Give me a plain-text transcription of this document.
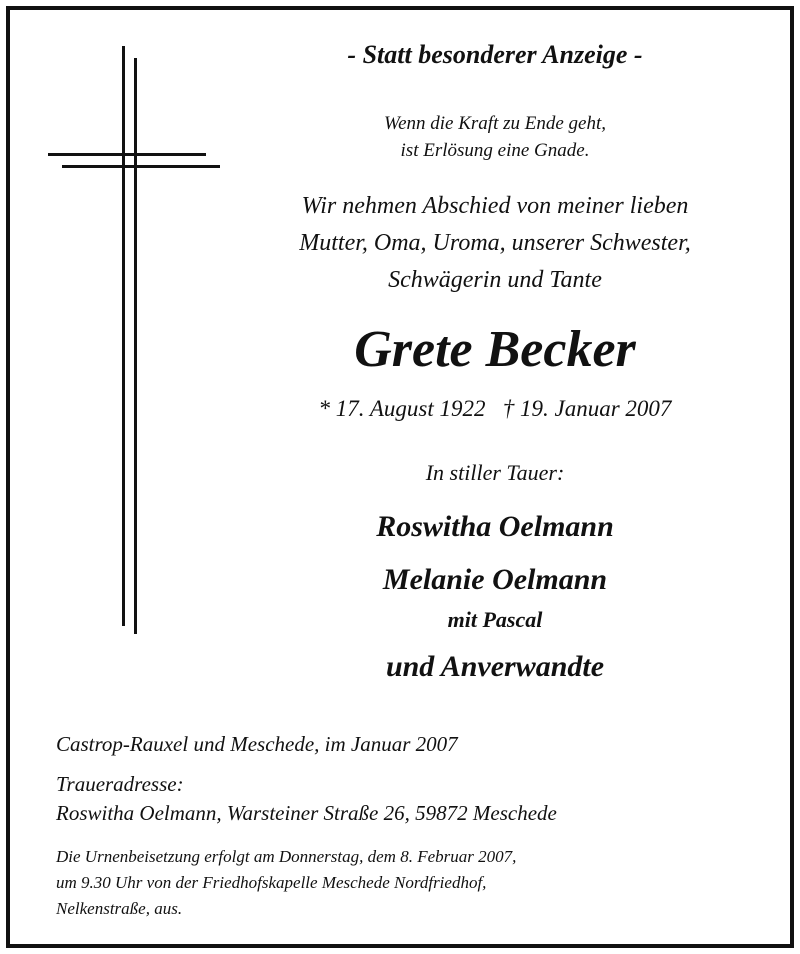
- Statt besonderer Anzeige -
Wenn die Kraft zu Ende geht,
ist Erlösung eine Gnade.
Wir nehmen Abschied von meiner lieben
Mutter, Oma, Uroma, unserer Schwester,
Schwägerin und Tante
Grete Becker
* 17. August 1922   † 19. Januar 2007
In stiller Tauer:
Roswitha Oelmann
Melanie Oelmann
mit Pascal
und Anverwandte
Castrop-Rauxel und Meschede, im Januar 2007
Traueradresse:
Roswitha Oelmann, Warsteiner Straße 26, 59872 Meschede
Die Urnenbeisetzung erfolgt am Donnerstag, dem 8. Februar 2007,
um 9.30 Uhr von der Friedhofskapelle Meschede Nordfriedhof,
Nelkenstraße, aus.
